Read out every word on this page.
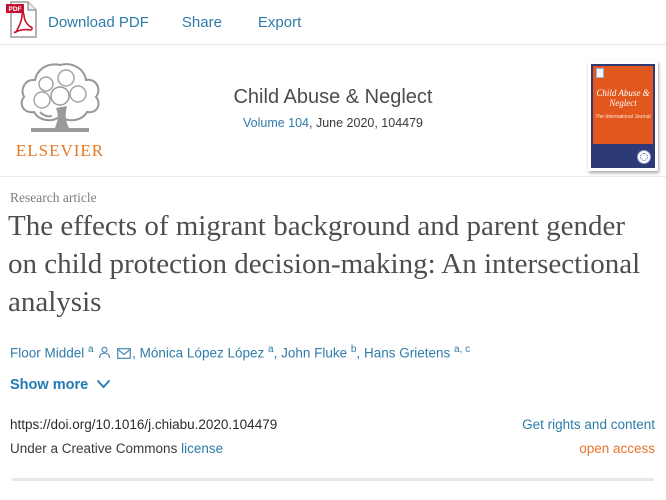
PDF
Download PDF Share Export
ELSEVIER
Child Abuse & Neglect
Volume 104, June 2020, 104479
Child Abuse & Neglect
The International Journal
Research article
The effects of migrant background and parent gender on child protection decision-making: An intersectional analysis
Floor Middel $^a$	, Mónica López López $^a$, John Fluke $^b$, Hans Grietens $^{a, c}$
Show more
https://doi.org/10.1016/j.chiabu.2020.104479	Get rights and content
Under a Creative Commons license	open access
